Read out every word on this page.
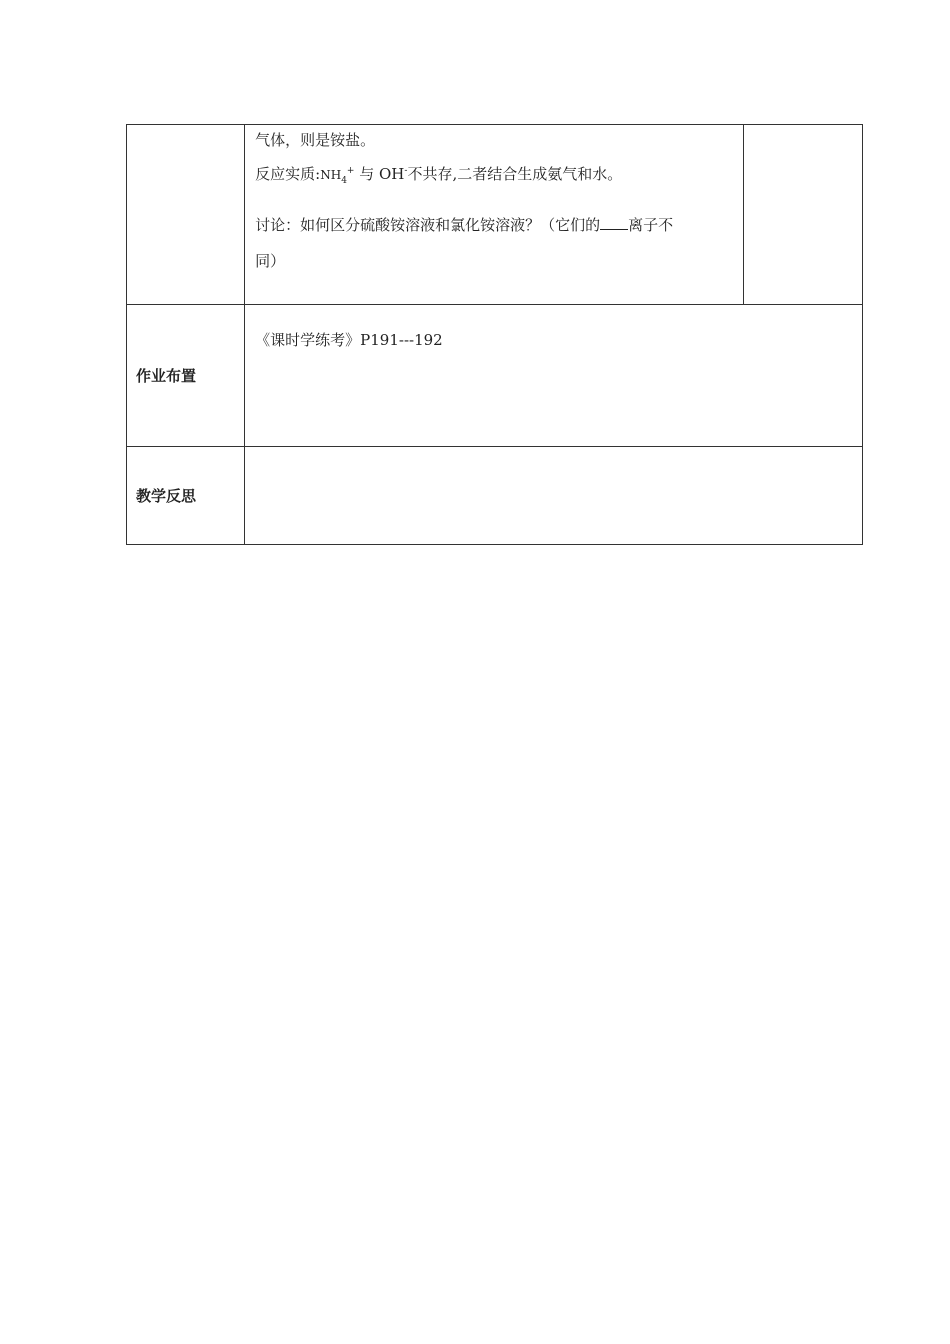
	气体，则是铵盐。

反应实质$:NH_4^+$ 与 OH-不共存,二者结合生成氨气和水。

讨论：如何区分硫酸铵溶液和氯化铵溶液？（它们的 离子不

同）	

作业布置	《课时学练考》P191---192	
教学反思		
